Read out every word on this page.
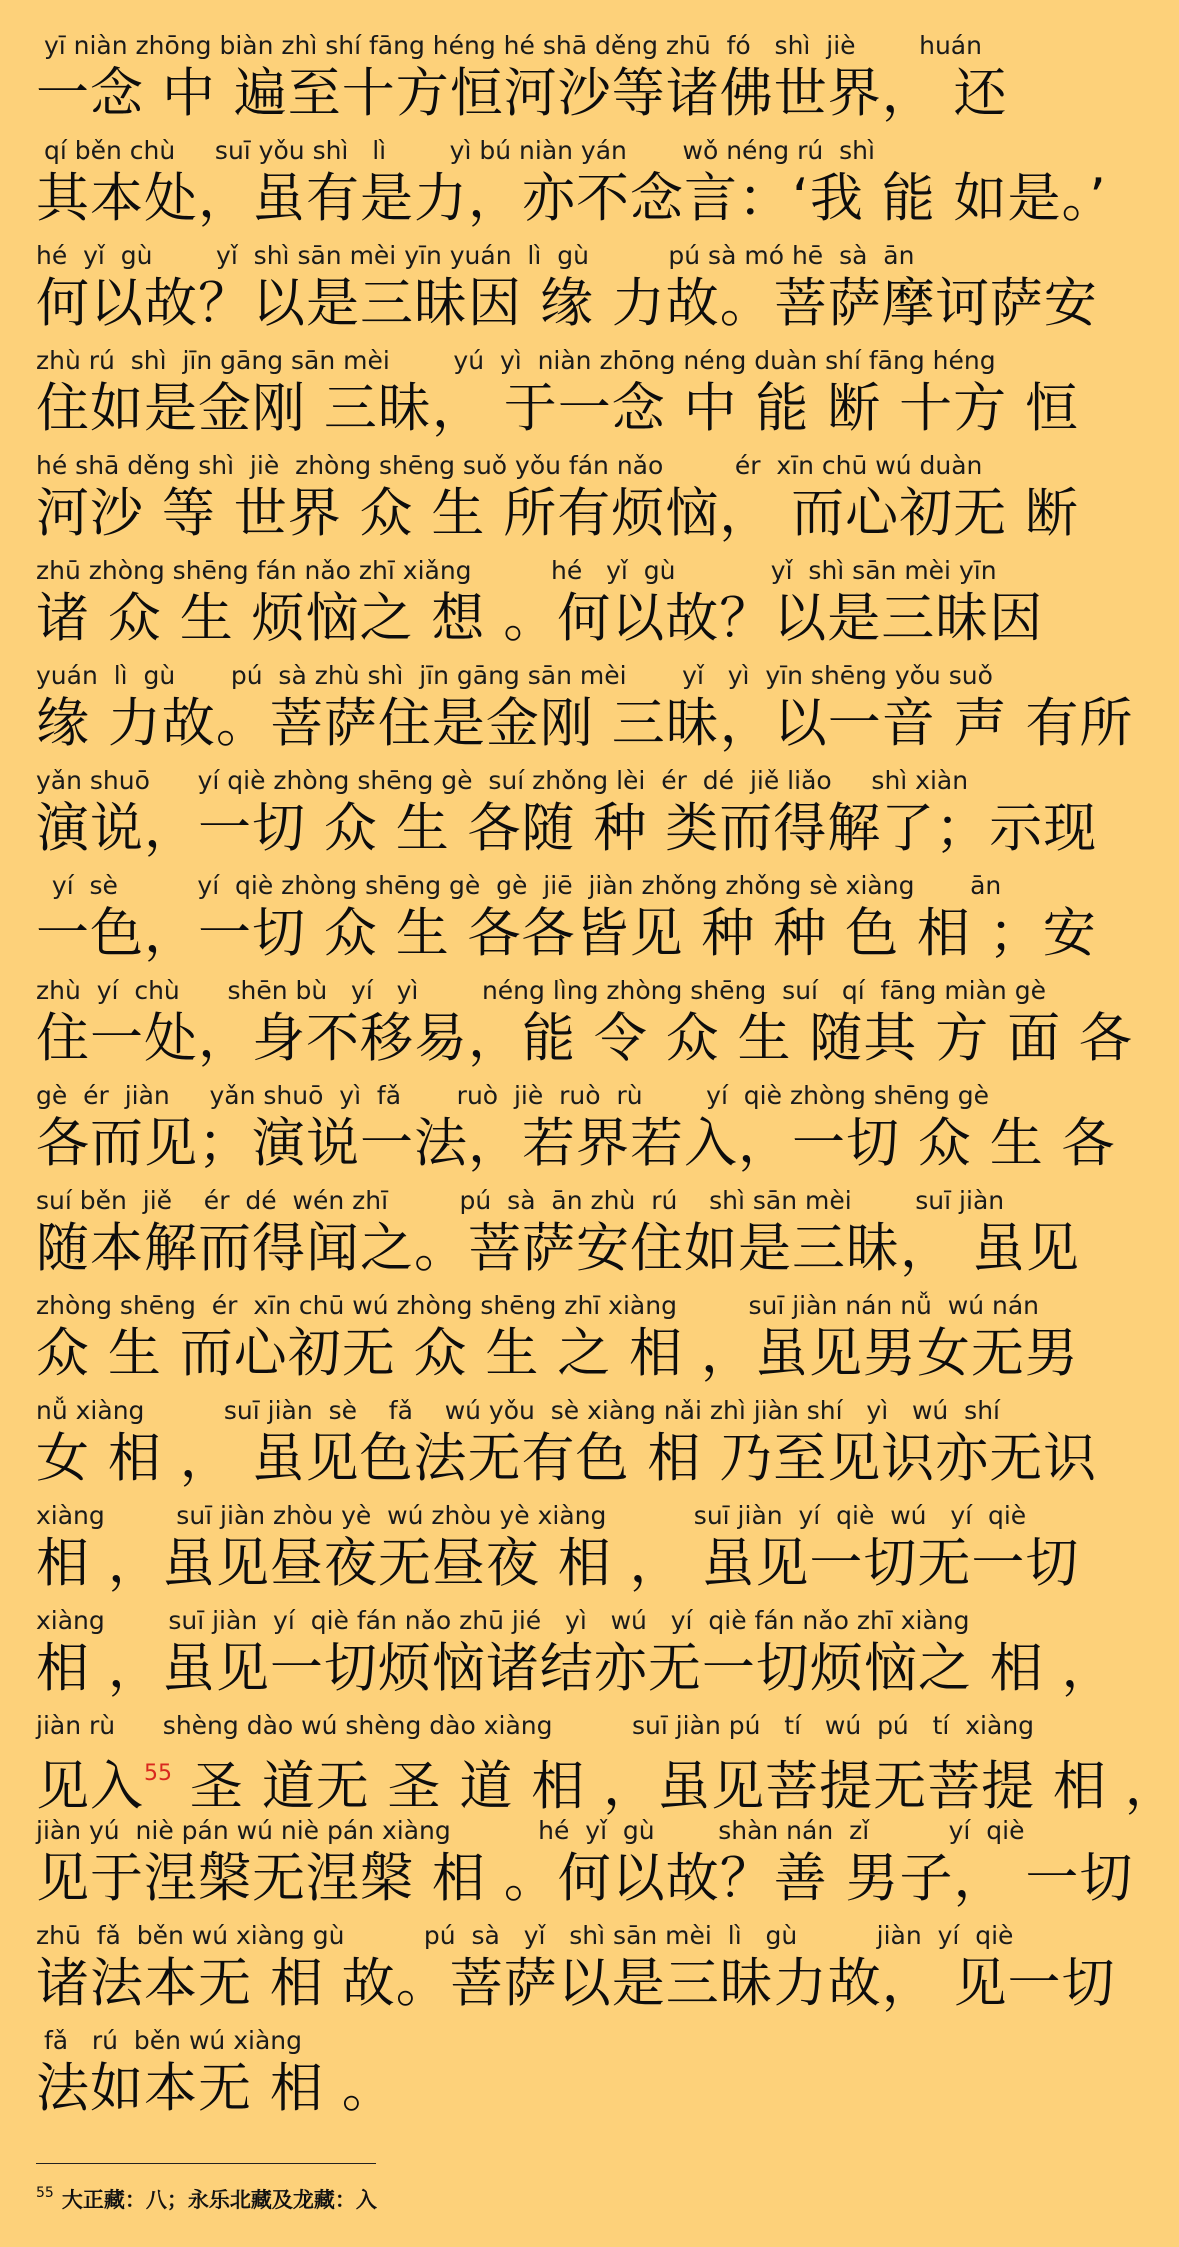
yī niàn zhōng biàn zhì shí fāng héng hé shā děng zhū  fó   shì  jiè        huán
一念 中 遍至十方恒河沙等诸佛世界， 还
qí běn chù     suī yǒu shì   lì        yì bú niàn yán       wǒ néng rú  shì
其本处，虽有是力，亦不念言：‘我 能 如是。’
hé  yǐ  gù        yǐ  shì sān mèi yīn yuán  lì  gù          pú sà mó hē  sà  ān
何以故？以是三昧因 缘 力故。菩萨摩诃萨安
zhù rú  shì  jīn gāng sān mèi        yú  yì  niàn zhōng néng duàn shí fāng héng
住如是金刚 三昧， 于一念 中 能 断 十方 恒
hé shā děng shì  jiè  zhòng shēng suǒ yǒu fán nǎo         ér  xīn chū wú duàn
河沙 等 世界 众 生 所有烦恼， 而心初无 断
zhū zhòng shēng fán nǎo zhī xiǎng          hé   yǐ  gù            yǐ  shì sān mèi yīn
诸 众 生 烦恼之 想 。何以故？以是三昧因
yuán  lì  gù       pú  sà zhù shì  jīn gāng sān mèi       yǐ   yì  yīn shēng yǒu suǒ
缘 力故。菩萨住是金刚 三昧，以一音 声 有所
yǎn shuō      yí qiè zhòng shēng gè  suí zhǒng lèi  ér  dé  jiě liǎo     shì xiàn
演说，一切 众 生 各随 种 类而得解了；示现
yí  sè          yí  qiè zhòng shēng gè  gè  jiē  jiàn zhǒng zhǒng sè xiàng       ān
一色，一切 众 生 各各皆见 种 种 色 相 ；安
zhù  yí  chù      shēn bù   yí   yì        néng lìng zhòng shēng  suí   qí  fāng miàn gè
住一处，身不移易，能 令 众 生 随其 方 面 各
gè  ér  jiàn     yǎn shuō  yì  fǎ       ruò  jiè  ruò  rù        yí  qiè zhòng shēng gè
各而见；演说一法，若界若入，一切 众 生 各
suí běn  jiě    ér  dé  wén zhī         pú  sà  ān zhù  rú    shì sān mèi        suī jiàn
随本解而得闻之。菩萨安住如是三昧， 虽见
zhòng shēng  ér  xīn chū wú zhòng shēng zhī xiàng         suī jiàn nán nǚ  wú nán
众 生 而心初无 众 生 之 相 ，虽见男女无男
nǚ xiàng          suī jiàn  sè    fǎ    wú yǒu  sè xiàng nǎi zhì jiàn shí   yì   wú  shí
女 相 ， 虽见色法无有色 相 乃至见识亦无识
xiàng         suī jiàn zhòu yè  wú zhòu yè xiàng           suī jiàn  yí  qiè  wú   yí  qiè
相 ，虽见昼夜无昼夜 相 ， 虽见一切无一切
xiàng        suī jiàn  yí  qiè fán nǎo zhū jié   yì   wú   yí  qiè fán nǎo zhī xiàng
相 ，虽见一切烦恼诸结亦无一切烦恼之 相 ，
jiàn rù      shèng dào wú shèng dào xiàng          suī jiàn pú   tí   wú  pú   tí  xiàng
见入$^{55}$ 圣 道无 圣 道 相 ，虽见菩提无菩提 相 ，
jiàn yú  niè pán wú niè pán xiàng           hé  yǐ  gù        shàn nán  zǐ          yí  qiè
见于涅槃无涅槃 相 。何以故？善 男子， 一切
zhū  fǎ  běn wú xiàng gù          pú  sà   yǐ   shì sān mèi  lì   gù          jiàn  yí  qiè
诸法本无 相 故。菩萨以是三昧力故， 见一切
fǎ   rú  běn wú xiàng
法如本无 相 。
$^{55}$ 大正藏：八；永乐北藏及龙藏：入
